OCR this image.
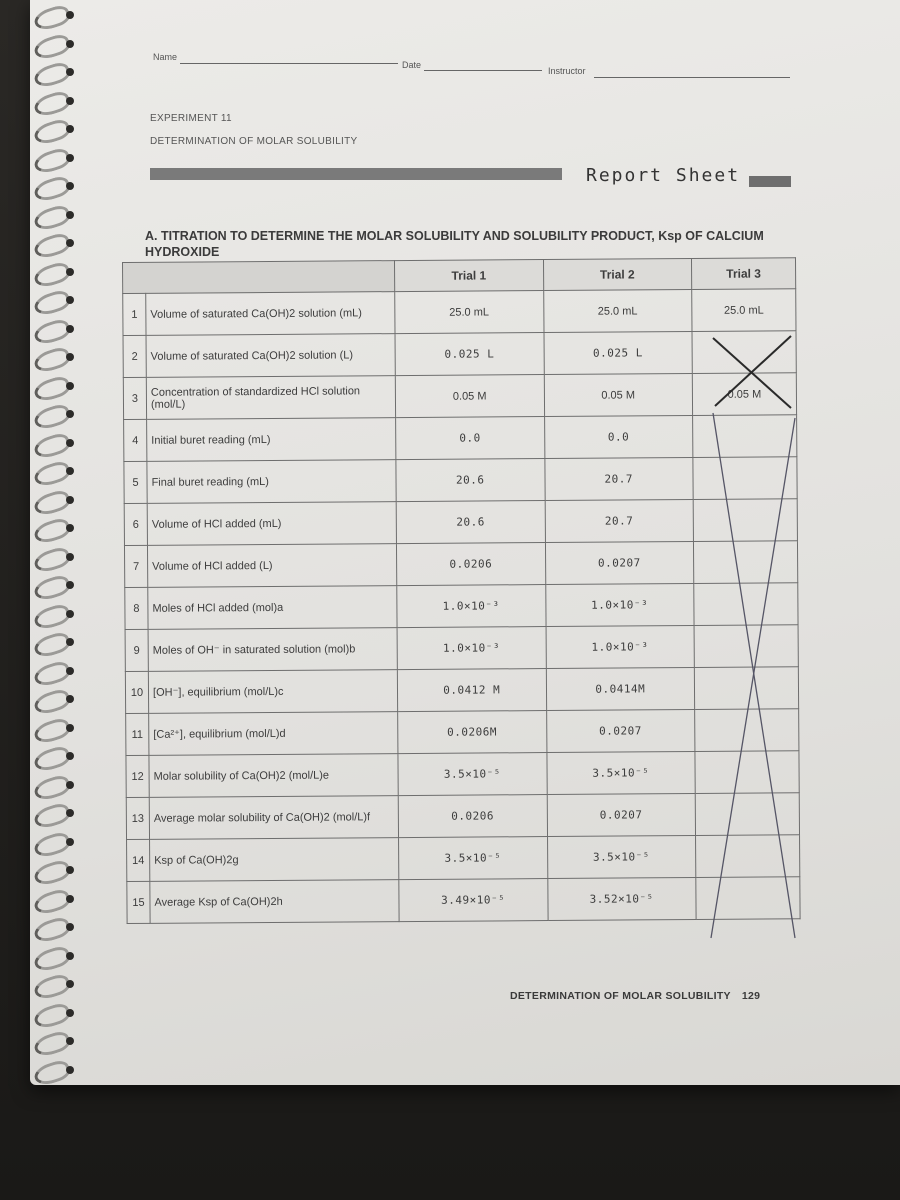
Name
Date
Instructor
EXPERIMENT 11
DETERMINATION OF MOLAR SOLUBILITY
Report Sheet
A. TITRATION TO DETERMINE THE MOLAR SOLUBILITY AND SOLUBILITY PRODUCT, Ksp OF CALCIUM HYDROXIDE
		Trial 1	Trial 2	Trial 3
1	Volume of saturated Ca(OH)2 solution (mL)	25.0 mL	25.0 mL	25.0 mL
2	Volume of saturated Ca(OH)2 solution (L)	0.025 L	0.025 L	
3	Concentration of standardized HCl solution (mol/L)	0.05 M	0.05 M	0.05 M
4	Initial buret reading (mL)	0.0	0.0	
5	Final buret reading (mL)	20.6	20.7	
6	Volume of HCl added (mL)	20.6	20.7	
7	Volume of HCl added (L)	0.0206	0.0207	
8	Moles of HCl added (mol)a	1.0×10⁻³	1.0×10⁻³	
9	Moles of OH⁻ in saturated solution (mol)b	1.0×10⁻³	1.0×10⁻³	
10	[OH⁻], equilibrium (mol/L)c	0.0412 M	0.0414M	
11	[Ca²⁺], equilibrium (mol/L)d	0.0206M	0.0207	
12	Molar solubility of Ca(OH)2 (mol/L)e	3.5×10⁻⁵	3.5×10⁻⁵	
13	Average molar solubility of Ca(OH)2 (mol/L)f	0.0206	0.0207	
14	Ksp of Ca(OH)2g	3.5×10⁻⁵	3.5×10⁻⁵	
15	Average Ksp of Ca(OH)2h	3.49×10⁻⁵	3.52×10⁻⁵	
DETERMINATION OF MOLAR SOLUBILITY 129
